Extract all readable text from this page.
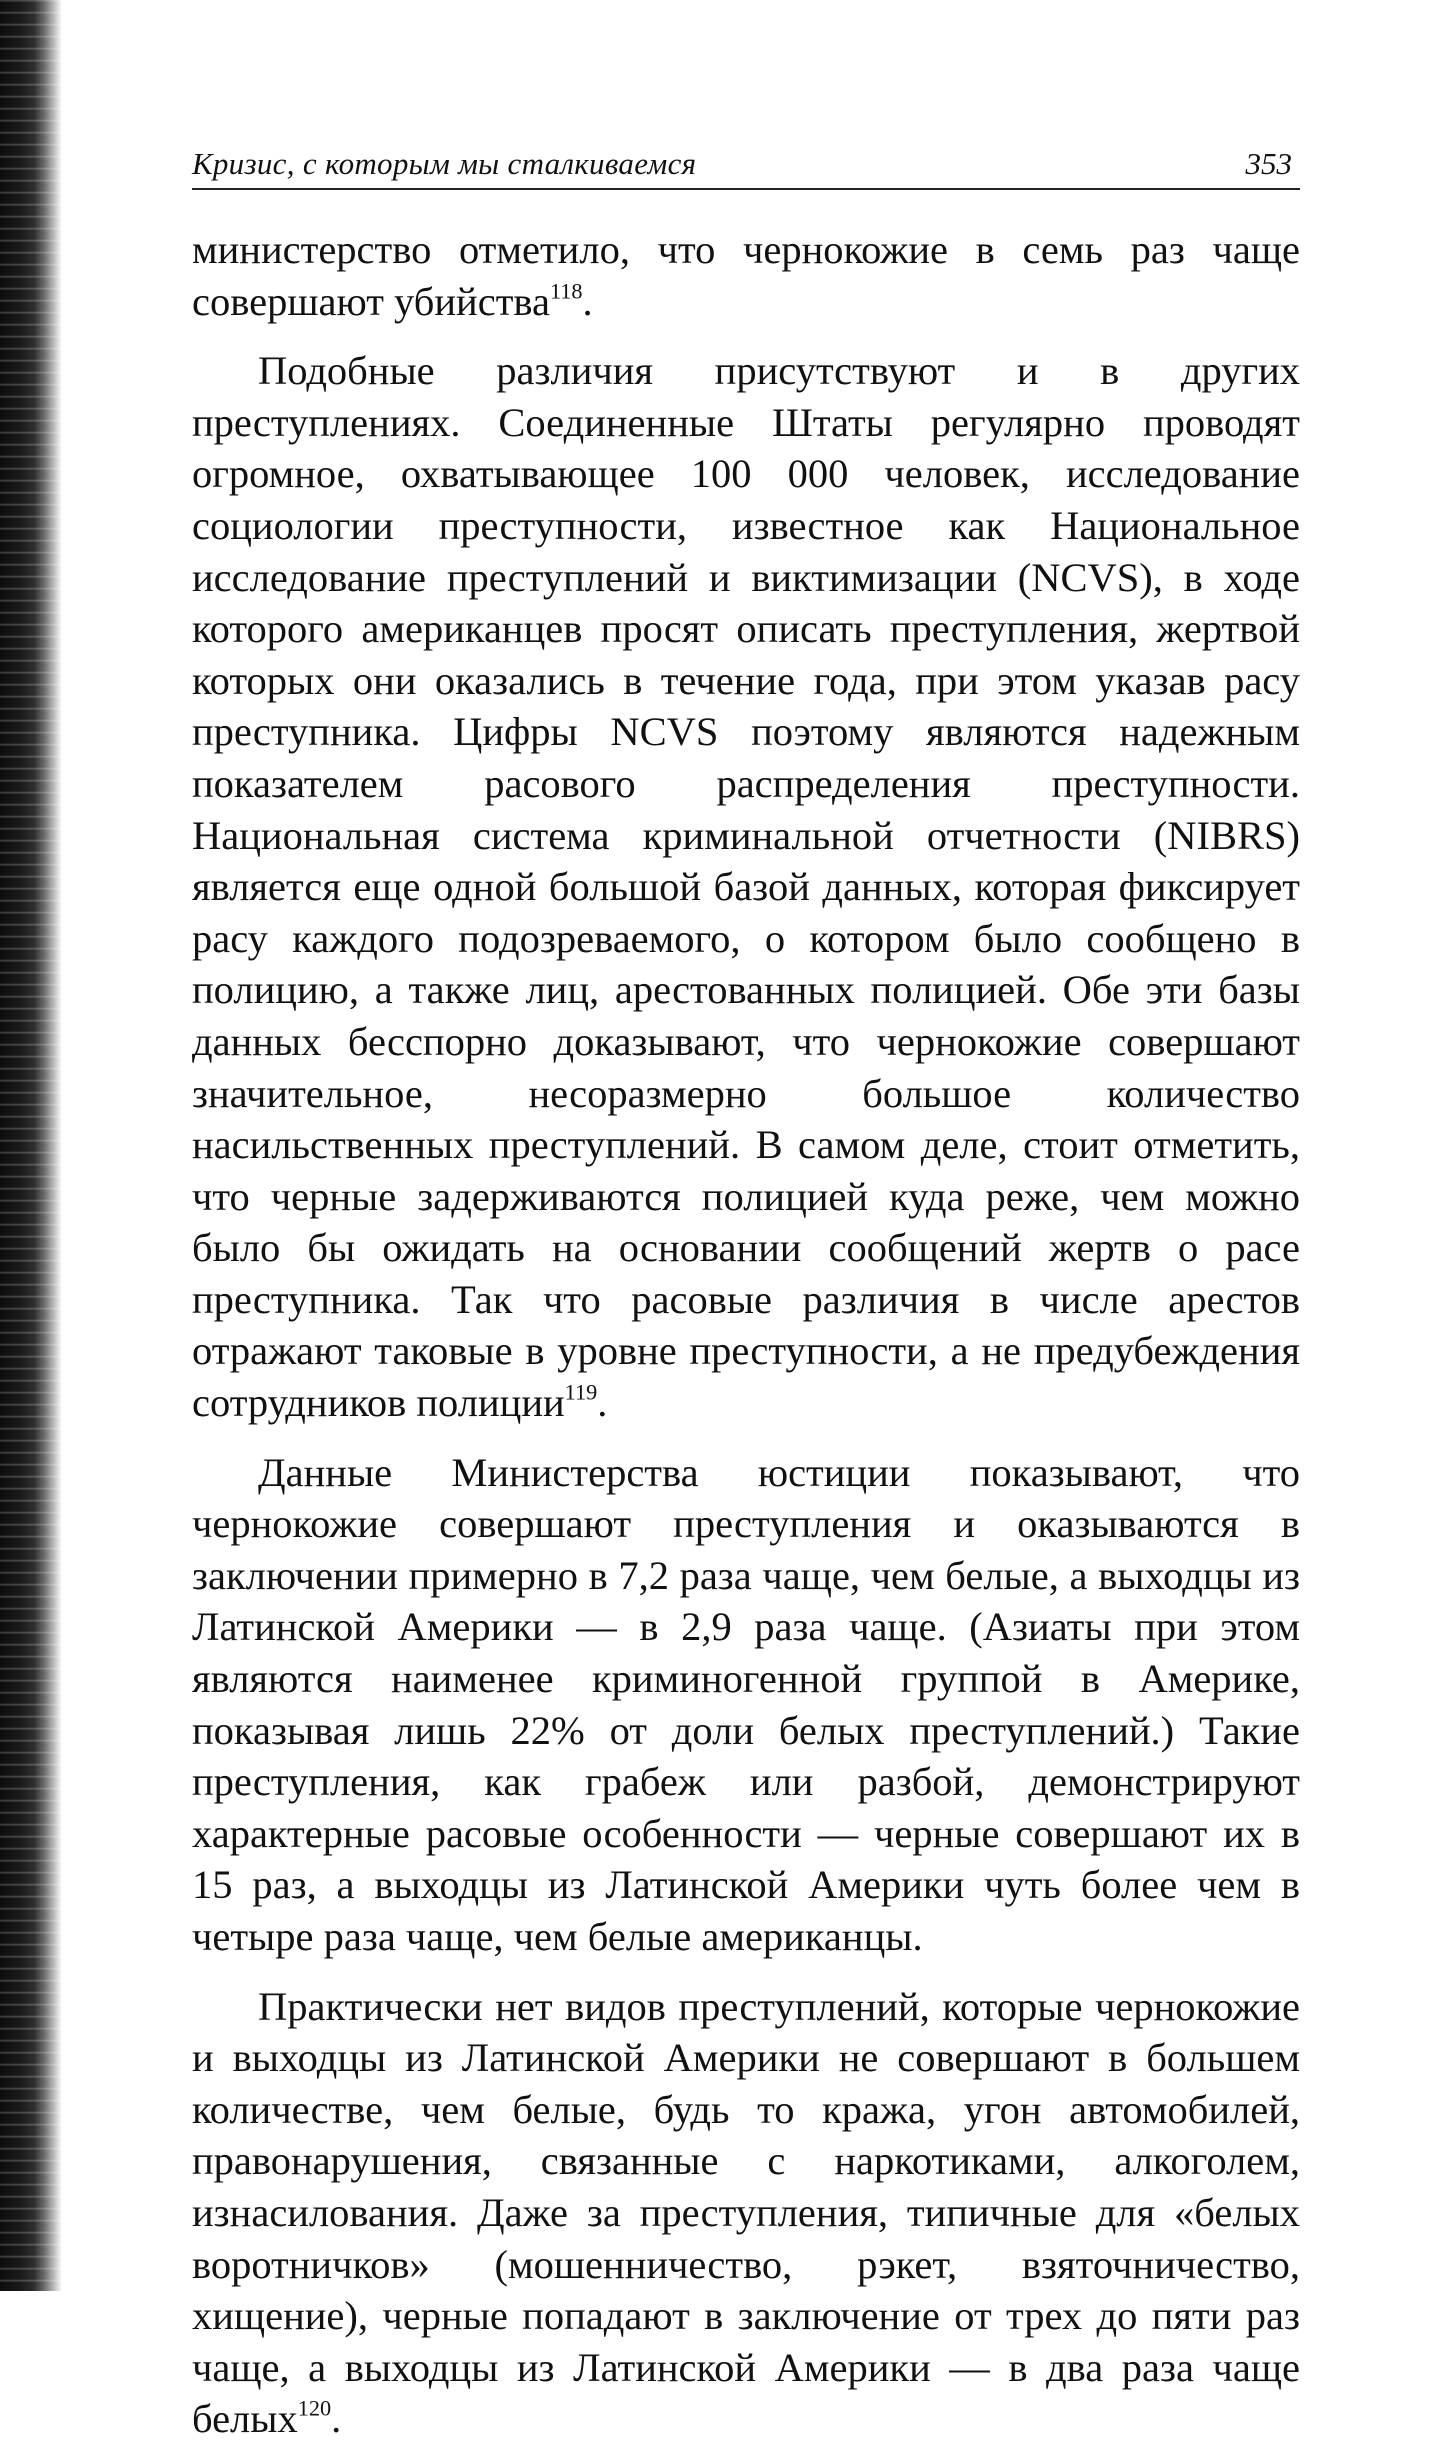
Кризис, с которым мы сталкиваемся	353

министерство отметило, что чернокожие в семь раз чаще совершают убийства$^{118}$.

Подобные различия присутствуют и в других преступлениях. Соединенные Штаты регулярно проводят огромное, охватывающее 100 000 человек, исследование социологии преступности, известное как Национальное исследование преступлений и виктимизации (NCVS), в ходе которого американцев просят описать преступления, жертвой которых они оказались в течение года, при этом указав расу преступника. Цифры NCVS поэтому являются надежным показателем расового распределения преступности. Национальная система криминальной отчетности (NIBRS) является еще одной большой базой данных, которая фиксирует расу каждого подозреваемого, о котором было сообщено в полицию, а также лиц, арестованных полицией. Обе эти базы данных бесспорно доказывают, что чернокожие совершают значительное, несоразмерно большое количество насильственных преступлений. В самом деле, стоит отметить, что черные задерживаются полицией куда реже, чем можно было бы ожидать на основании сообщений жертв о расе преступника. Так что расовые различия в числе арестов отражают таковые в уровне преступности, а не предубеждения сотрудников полиции$^{119}$.

Данные Министерства юстиции показывают, что чернокожие совершают преступления и оказываются в заключении примерно в 7,2 раза чаще, чем белые, а выходцы из Латинской Америки — в 2,9 раза чаще. (Азиаты при этом являются наименее криминогенной группой в Америке, показывая лишь 22% от доли белых преступлений.) Такие преступления, как грабеж или разбой, демонстрируют характерные расовые особенности — черные совершают их в 15 раз, а выходцы из Латинской Америки чуть более чем в четыре раза чаще, чем белые американцы.

Практически нет видов преступлений, которые чернокожие и выходцы из Латинской Америки не совершают в большем количестве, чем белые, будь то кража, угон автомобилей, правонарушения, связанные с наркотиками, алкоголем, изнасилования. Даже за преступления, типичные для «белых воротничков» (мошенничество, рэкет, взяточничество, хищение), черные попадают в заключение от трех до пяти раз чаще, а выходцы из Латинской Америки — в два раза чаще белых$^{120}$.
